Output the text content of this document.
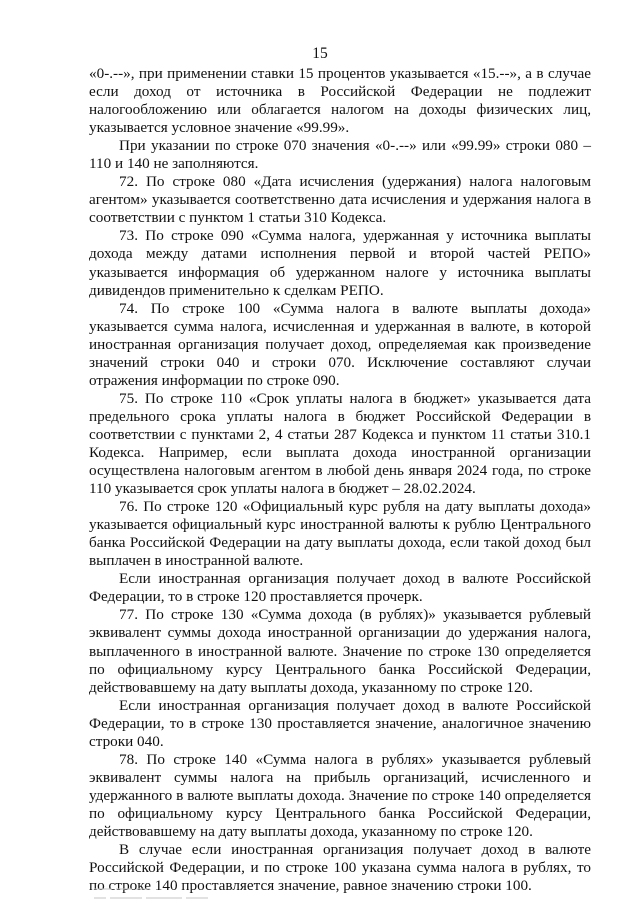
15

«0-.--», при применении ставки 15 процентов указывается «15.--», а в случае если доход от источника в Российской Федерации не подлежит налогообложению или облагается налогом на доходы физических лиц, указывается условное значение «99.99».

При указании по строке 070 значения «0-.--» или «99.99» строки 080 – 110 и 140 не заполняются.

72. По строке 080 «Дата исчисления (удержания) налога налоговым агентом» указывается соответственно дата исчисления и удержания налога в соответствии с пунктом 1 статьи 310 Кодекса.

73. По строке 090 «Сумма налога, удержанная у источника выплаты дохода между датами исполнения первой и второй частей РЕПО» указывается информация об удержанном налоге у источника выплаты дивидендов применительно к сделкам РЕПО.

74. По строке 100 «Сумма налога в валюте выплаты дохода» указывается сумма налога, исчисленная и удержанная в валюте, в которой иностранная организация получает доход, определяемая как произведение значений строки 040 и строки 070. Исключение составляют случаи отражения информации по строке 090.

75. По строке 110 «Срок уплаты налога в бюджет» указывается дата предельного срока уплаты налога в бюджет Российской Федерации в соответствии с пунктами 2, 4 статьи 287 Кодекса и пунктом 11 статьи 310.1 Кодекса. Например, если выплата дохода иностранной организации осуществлена налоговым агентом в любой день января 2024 года, по строке 110 указывается срок уплаты налога в бюджет – 28.02.2024.

76. По строке 120 «Официальный курс рубля на дату выплаты дохода» указывается официальный курс иностранной валюты к рублю Центрального банка Российской Федерации на дату выплаты дохода, если такой доход был выплачен в иностранной валюте.

Если иностранная организация получает доход в валюте Российской Федерации, то в строке 120 проставляется прочерк.

77. По строке 130 «Сумма дохода (в рублях)» указывается рублевый эквивалент суммы дохода иностранной организации до удержания налога, выплаченного в иностранной валюте. Значение по строке 130 определяется по официальному курсу Центрального банка Российской Федерации, действовавшему на дату выплаты дохода, указанному по строке 120.

Если иностранная организация получает доход в валюте Российской Федерации, то в строке 130 проставляется значение, аналогичное значению строки 040.

78. По строке 140 «Сумма налога в рублях» указывается рублевый эквивалент суммы налога на прибыль организаций, исчисленного и удержанного в валюте выплаты дохода. Значение по строке 140 определяется по официальному курсу Центрального банка Российской Федерации, действовавшему на дату выплаты дохода, указанному по строке 120.

В случае если иностранная организация получает доход в валюте Российской Федерации, и по строке 100 указана сумма налога в рублях, то по строке 140 проставляется значение, равное значению строки 100.
